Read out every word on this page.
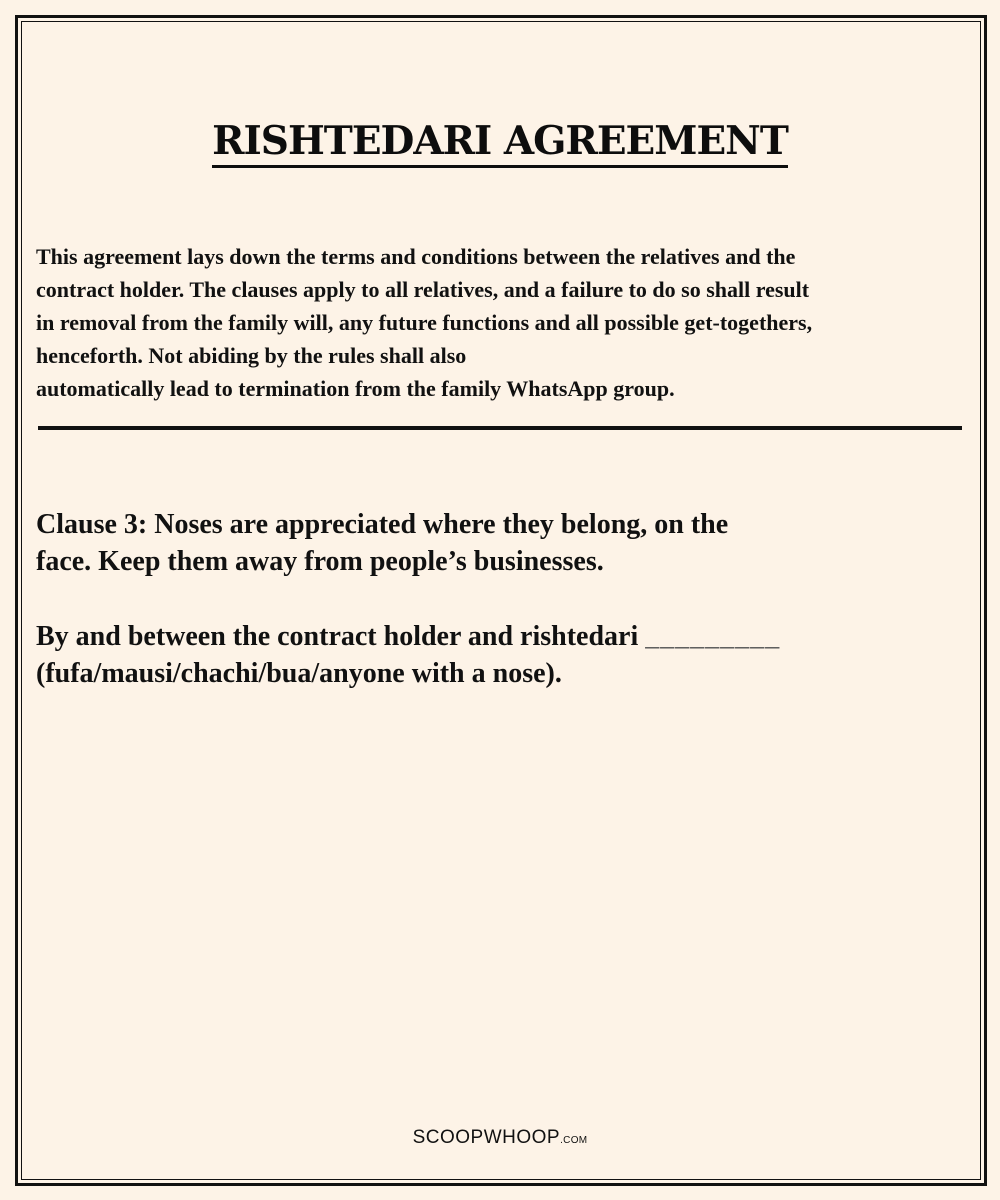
RISHTEDARI AGREEMENT

This agreement lays down the terms and conditions between the relatives and the
contract holder. The clauses apply to all relatives, and a failure to do so shall result
in removal from the family will, any future functions and all possible get-togethers,
henceforth. Not abiding by the rules shall also
automatically lead to termination from the family WhatsApp group.

Clause 3: Noses are appreciated where they belong, on the
face. Keep them away from people’s businesses.

By and between the contract holder and rishtedari _________
(fufa/mausi/chachi/bua/anyone with a nose).

SCOOPWHOOP.COM
